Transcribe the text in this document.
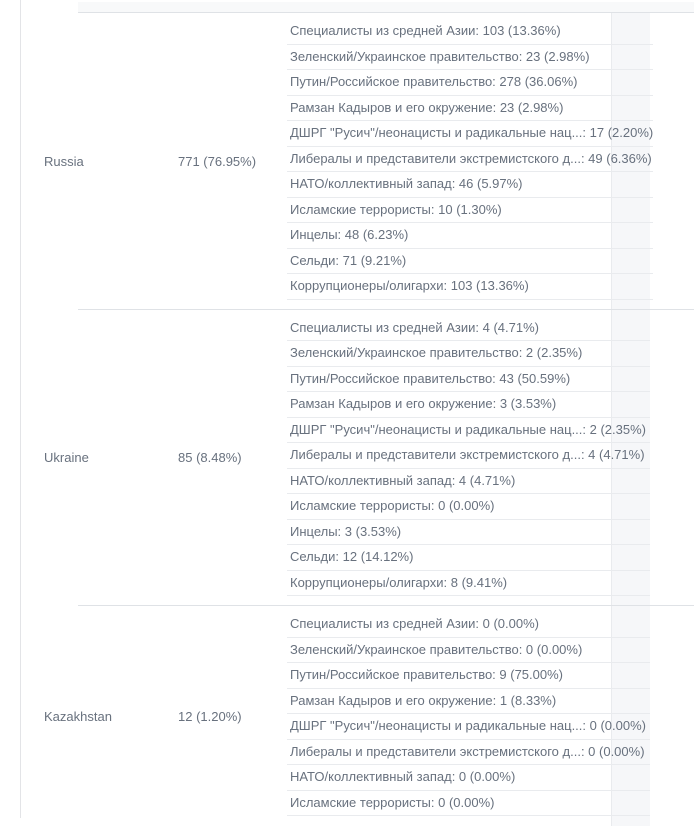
Russia	771 (76.95%)
Специалисты из средней Азии: 103 (13.36%)
Зеленский/Украинское правительство: 23 (2.98%)
Путин/Российское правительство: 278 (36.06%)
Рамзан Кадыров и его окружение: 23 (2.98%)
ДШРГ "Русич"/неонацисты и радикальные нац...: 17 (2.20%)
Либералы и представители экстремистского д...: 49 (6.36%)
НАТО/коллективный запад: 46 (5.97%)
Исламские террористы: 10 (1.30%)
Инцелы: 48 (6.23%)
Сельди: 71 (9.21%)
Коррупционеры/олигархи: 103 (13.36%)
Ukraine	85 (8.48%)
Специалисты из средней Азии: 4 (4.71%)
Зеленский/Украинское правительство: 2 (2.35%)
Путин/Российское правительство: 43 (50.59%)
Рамзан Кадыров и его окружение: 3 (3.53%)
ДШРГ "Русич"/неонацисты и радикальные нац...: 2 (2.35%)
Либералы и представители экстремистского д...: 4 (4.71%)
НАТО/коллективный запад: 4 (4.71%)
Исламские террористы: 0 (0.00%)
Инцелы: 3 (3.53%)
Сельди: 12 (14.12%)
Коррупционеры/олигархи: 8 (9.41%)
Kazakhstan	12 (1.20%)
Специалисты из средней Азии: 0 (0.00%)
Зеленский/Украинское правительство: 0 (0.00%)
Путин/Российское правительство: 9 (75.00%)
Рамзан Кадыров и его окружение: 1 (8.33%)
ДШРГ "Русич"/неонацисты и радикальные нац...: 0 (0.00%)
Либералы и представители экстремистского д...: 0 (0.00%)
НАТО/коллективный запад: 0 (0.00%)
Исламские террористы: 0 (0.00%)
